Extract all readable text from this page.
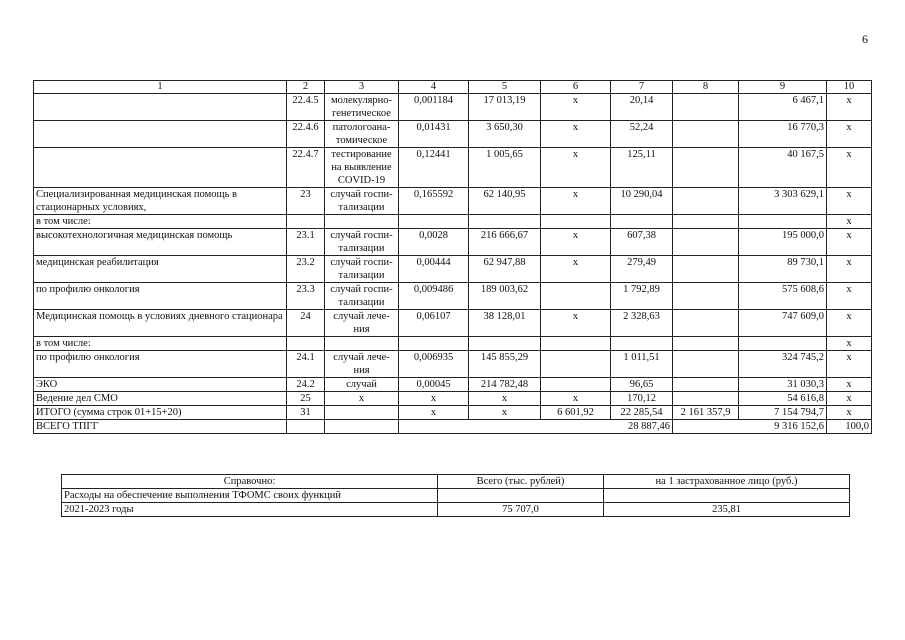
6
1	2	3	4	5	6	7	8	9	10
	22.4.5	молекулярно-генетическое	0,001184	17 013,19	х	20,14		6 467,1	х
	22.4.6	патологоана-томическое	0,01431	3 650,30	х	52,24		16 770,3	х
	22.4.7	тестирование на выявление COVID-19	0,12441	1 005,65	х	125,11		40 167,5	х
Специализированная медицинская помощь в стационарных условиях,	23	случай госпи-тализации	0,165592	62 140,95	х	10 290,04		3 303 629,1	х
в том числе:									х
высокотехнологичная медицинская помощь	23.1	случай госпи-тализации	0,0028	216 666,67	х	607,38		195 000,0	х
медицинская реабилитация	23.2	случай госпи-тализации	0,00444	62 947,88	х	279,49		89 730,1	х
по профилю онкология	23.3	случай госпи-тализации	0,009486	189 003,62		1 792,89		575 608,6	х
Медицинская помощь в условиях дневного стационара	24	случай лече-ния	0,06107	38 128,01	х	2 328,63		747 609,0	х
в том числе:									х
по профилю онкология	24.1	случай лече-ния	0,006935	145 855,29		1 011,51		324 745,2	х
ЭКО	24.2	случай	0,00045	214 782,48		96,65		31 030,3	х
Ведение дел СМО	25	х	х	х	х	170,12		54 616,8	х
ИТОГО (сумма строк 01+15+20)	31		х	х	6 601,92	22 285,54	2 161 357,9	7 154 794,7	х
ВСЕГО ТПГГ			28 887,46				9 316 152,6		100,0
Справочно:	Всего (тыс. рублей)	на 1 застрахованное лицо (руб.)
Расходы на обеспечение выполнения ТФОМС своих функций		
2021-2023 годы	75 707,0	235,81
